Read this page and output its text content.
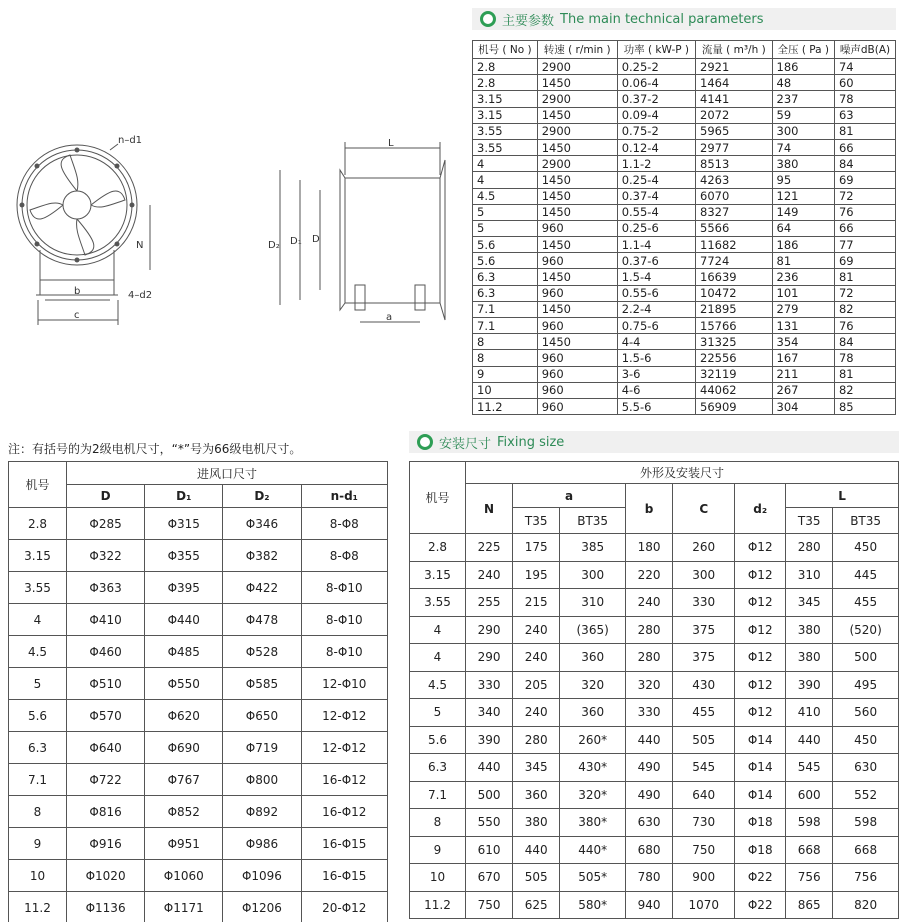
n–d1
N
b
c
4–d2
L
D₂ D₁ D
a
主要参数 The main technical parameters
机号 ( No )	转速 ( r/min )	功率 ( kW-P )	流量 ( m³/h )	全压 ( Pa )	噪声dB(A)
2.8	2900	0.25-2	2921	186	74
2.8	1450	0.06-4	1464	48	60
3.15	2900	0.37-2	4141	237	78
3.15	1450	0.09-4	2072	59	63
3.55	2900	0.75-2	5965	300	81
3.55	1450	0.12-4	2977	74	66
4	2900	1.1-2	8513	380	84
4	1450	0.25-4	4263	95	69
4.5	1450	0.37-4	6070	121	72
5	1450	0.55-4	8327	149	76
5	960	0.25-6	5566	64	66
5.6	1450	1.1-4	11682	186	77
5.6	960	0.37-6	7724	81	69
6.3	1450	1.5-4	16639	236	81
6.3	960	0.55-6	10472	101	72
7.1	1450	2.2-4	21895	279	82
7.1	960	0.75-6	15766	131	76
8	1450	4-4	31325	354	84
8	960	1.5-6	22556	167	78
9	960	3-6	32119	211	81
10	960	4-6	44062	267	82
11.2	960	5.5-6	56909	304	85
注：有括号的为2级电机尺寸，“*”号为66级电机尺寸。
机号	进风口尺寸			
	D	D₁	D₂	n-d₁
2.8	Φ285	Φ315	Φ346	8-Φ8
3.15	Φ322	Φ355	Φ382	8-Φ8
3.55	Φ363	Φ395	Φ422	8-Φ10
4	Φ410	Φ440	Φ478	8-Φ10
4.5	Φ460	Φ485	Φ528	8-Φ10
5	Φ510	Φ550	Φ585	12-Φ10
5.6	Φ570	Φ620	Φ650	12-Φ12
6.3	Φ640	Φ690	Φ719	12-Φ12
7.1	Φ722	Φ767	Φ800	16-Φ12
8	Φ816	Φ852	Φ892	16-Φ12
9	Φ916	Φ951	Φ986	16-Φ15
10	Φ1020	Φ1060	Φ1096	16-Φ15
11.2	Φ1136	Φ1171	Φ1206	20-Φ12
安装尺寸 Fixing size
机号	外形及安装尺寸							
	N	a		b	C	d₂	L	
		T35	BT35				T35	BT35
2.8	225	175	385	180	260	Φ12	280	450
3.15	240	195	300	220	300	Φ12	310	445
3.55	255	215	310	240	330	Φ12	345	455
4	290	240	(365)	280	375	Φ12	380	(520)
4	290	240	360	280	375	Φ12	380	500
4.5	330	205	320	320	430	Φ12	390	495
5	340	240	360	330	455	Φ12	410	560
5.6	390	280	260*	440	505	Φ14	440	450
6.3	440	345	430*	490	545	Φ14	545	630
7.1	500	360	320*	490	640	Φ14	600	552
8	550	380	380*	630	730	Φ18	598	598
9	610	440	440*	680	750	Φ18	668	668
10	670	505	505*	780	900	Φ22	756	756
11.2	750	625	580*	940	1070	Φ22	865	820
